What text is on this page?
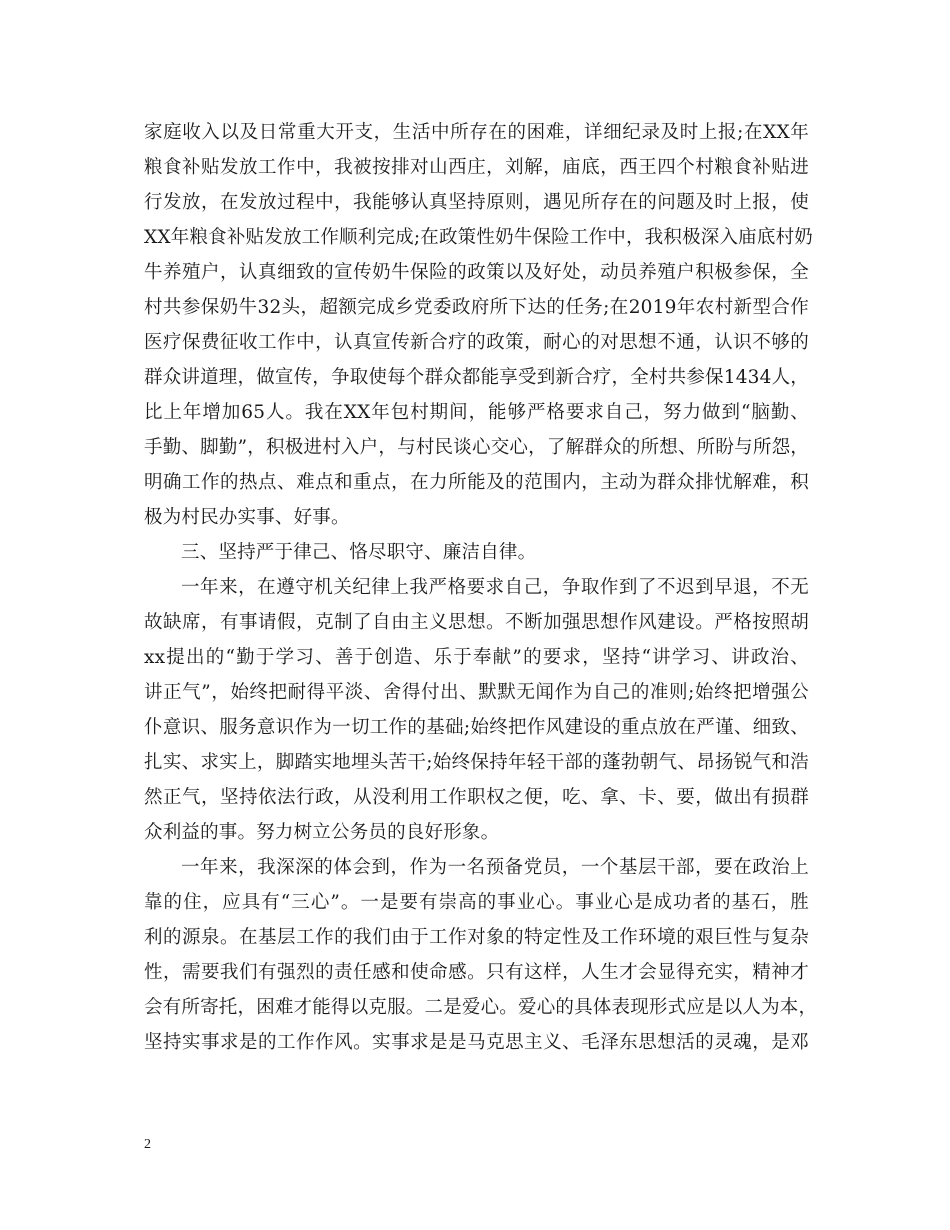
家庭收入以及日常重大开支，生活中所存在的困难，详细纪录及时上报;在XX年
粮食补贴发放工作中，我被按排对山西庄，刘解，庙底，西王四个村粮食补贴进
行发放，在发放过程中，我能够认真坚持原则，遇见所存在的问题及时上报，使
XX年粮食补贴发放工作顺利完成;在政策性奶牛保险工作中，我积极深入庙底村奶
牛养殖户，认真细致的宣传奶牛保险的政策以及好处，动员养殖户积极参保，全
村共参保奶牛32头，超额完成乡党委政府所下达的任务;在2019年农村新型合作
医疗保费征收工作中，认真宣传新合疗的政策，耐心的对思想不通，认识不够的
群众讲道理，做宣传，争取使每个群众都能享受到新合疗，全村共参保1434人，
比上年增加65人。我在XX年包村期间，能够严格要求自己，努力做到“脑勤、
手勤、脚勤”，积极进村入户，与村民谈心交心，了解群众的所想、所盼与所怨，
明确工作的热点、难点和重点，在力所能及的范围内，主动为群众排忧解难，积
极为村民办实事、好事。
三、坚持严于律己、恪尽职守、廉洁自律。
一年来，在遵守机关纪律上我严格要求自己，争取作到了不迟到早退，不无
故缺席，有事请假，克制了自由主义思想。不断加强思想作风建设。严格按照胡
xx提出的“勤于学习、善于创造、乐于奉献”的要求，坚持“讲学习、讲政治、
讲正气”，始终把耐得平淡、舍得付出、默默无闻作为自己的准则;始终把增强公
仆意识、服务意识作为一切工作的基础;始终把作风建设的重点放在严谨、细致、
扎实、求实上，脚踏实地埋头苦干;始终保持年轻干部的蓬勃朝气、昂扬锐气和浩
然正气，坚持依法行政，从没利用工作职权之便，吃、拿、卡、要，做出有损群
众利益的事。努力树立公务员的良好形象。
一年来，我深深的体会到，作为一名预备党员，一个基层干部，要在政治上
靠的住，应具有“三心”。一是要有崇高的事业心。事业心是成功者的基石，胜
利的源泉。在基层工作的我们由于工作对象的特定性及工作环境的艰巨性与复杂
性，需要我们有强烈的责任感和使命感。只有这样，人生才会显得充实，精神才
会有所寄托，困难才能得以克服。二是爱心。爱心的具体表现形式应是以人为本，
坚持实事求是的工作作风。实事求是是马克思主义、毛泽东思想活的灵魂，是邓
2
